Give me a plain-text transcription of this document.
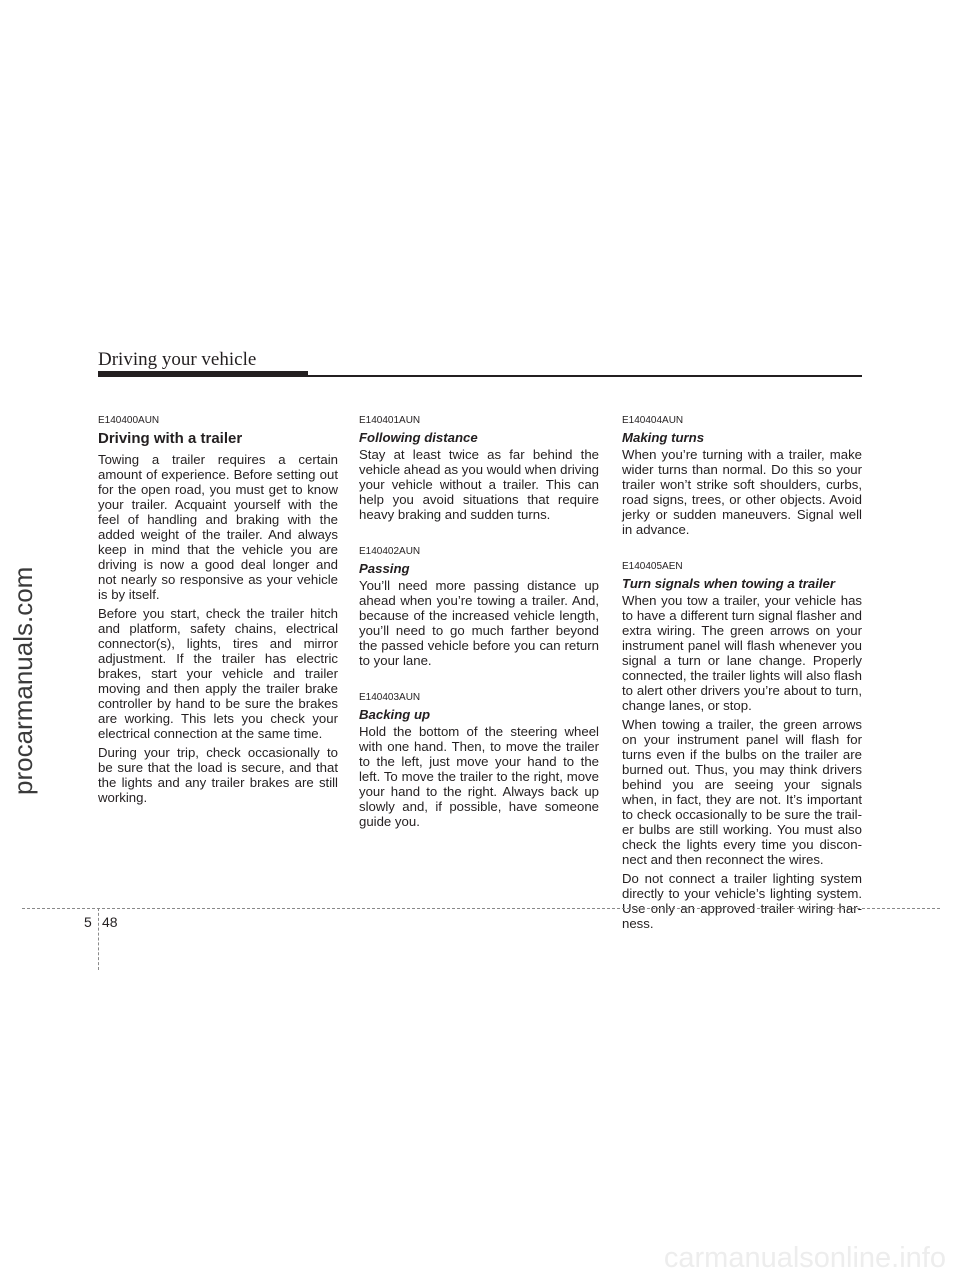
procarmanuals.com
Driving your vehicle

E140400AUN

Driving with a trailer

Towing a trailer requires a certain amount of experience. Before setting out for the open road, you must get to know your trailer. Acquaint yourself with the feel of handling and braking with the added weight of the trailer. And always keep in mind that the vehicle you are driving is now a good deal longer and not nearly so responsive as your vehicle is by itself.

Before you start, check the trailer hitch and platform, safety chains, electrical connector(s), lights, tires and mirror adjustment. If the trailer has electric brakes, start your vehicle and trailer moving and then apply the trailer brake controller by hand to be sure the brakes are working. This lets you check your electrical connection at the same time.

During your trip, check occasionally to be sure that the load is secure, and that the lights and any trailer brakes are still working.

E140401AUN

Following distance

Stay at least twice as far behind the vehicle ahead as you would when driving your vehicle without a trailer. This can help you avoid situations that require heavy braking and sudden turns.

E140402AUN

Passing

You’ll need more passing distance up ahead when you’re towing a trailer. And, because of the increased vehicle length, you’ll need to go much farther beyond the passed vehicle before you can return to your lane.

E140403AUN

Backing up

Hold the bottom of the steering wheel with one hand. Then, to move the trailer to the left, just move your hand to the left. To move the trailer to the right, move your hand to the right. Always back up slowly and, if possible, have someone guide you.

E140404AUN

Making turns

When you’re turning with a trailer, make wider turns than normal. Do this so your trailer won’t strike soft shoulders, curbs, road signs, trees, or other objects. Avoid jerky or sudden maneuvers. Signal well in advance.

E140405AEN

Turn signals when towing a trailer

When you tow a trailer, your vehicle has to have a different turn signal flasher and extra wiring. The green arrows on your instrument panel will flash whenever you signal a turn or lane change. Properly connected, the trailer lights will also flash to alert other drivers you’re about to turn, change lanes, or stop.

When towing a trailer, the green arrows on your instrument panel will flash for turns even if the bulbs on the trailer are burned out. Thus, you may think drivers behind you are seeing your signals when, in fact, they are not. It’s important to check occasionally to be sure the trailer bulbs are still working. You must also check the lights every time you disconnect and then reconnect the wires.

Do not connect a trailer lighting system directly to your vehicle’s lighting system. Use only an approved trailer wiring harness.

5 48
carmanualsonline.info
